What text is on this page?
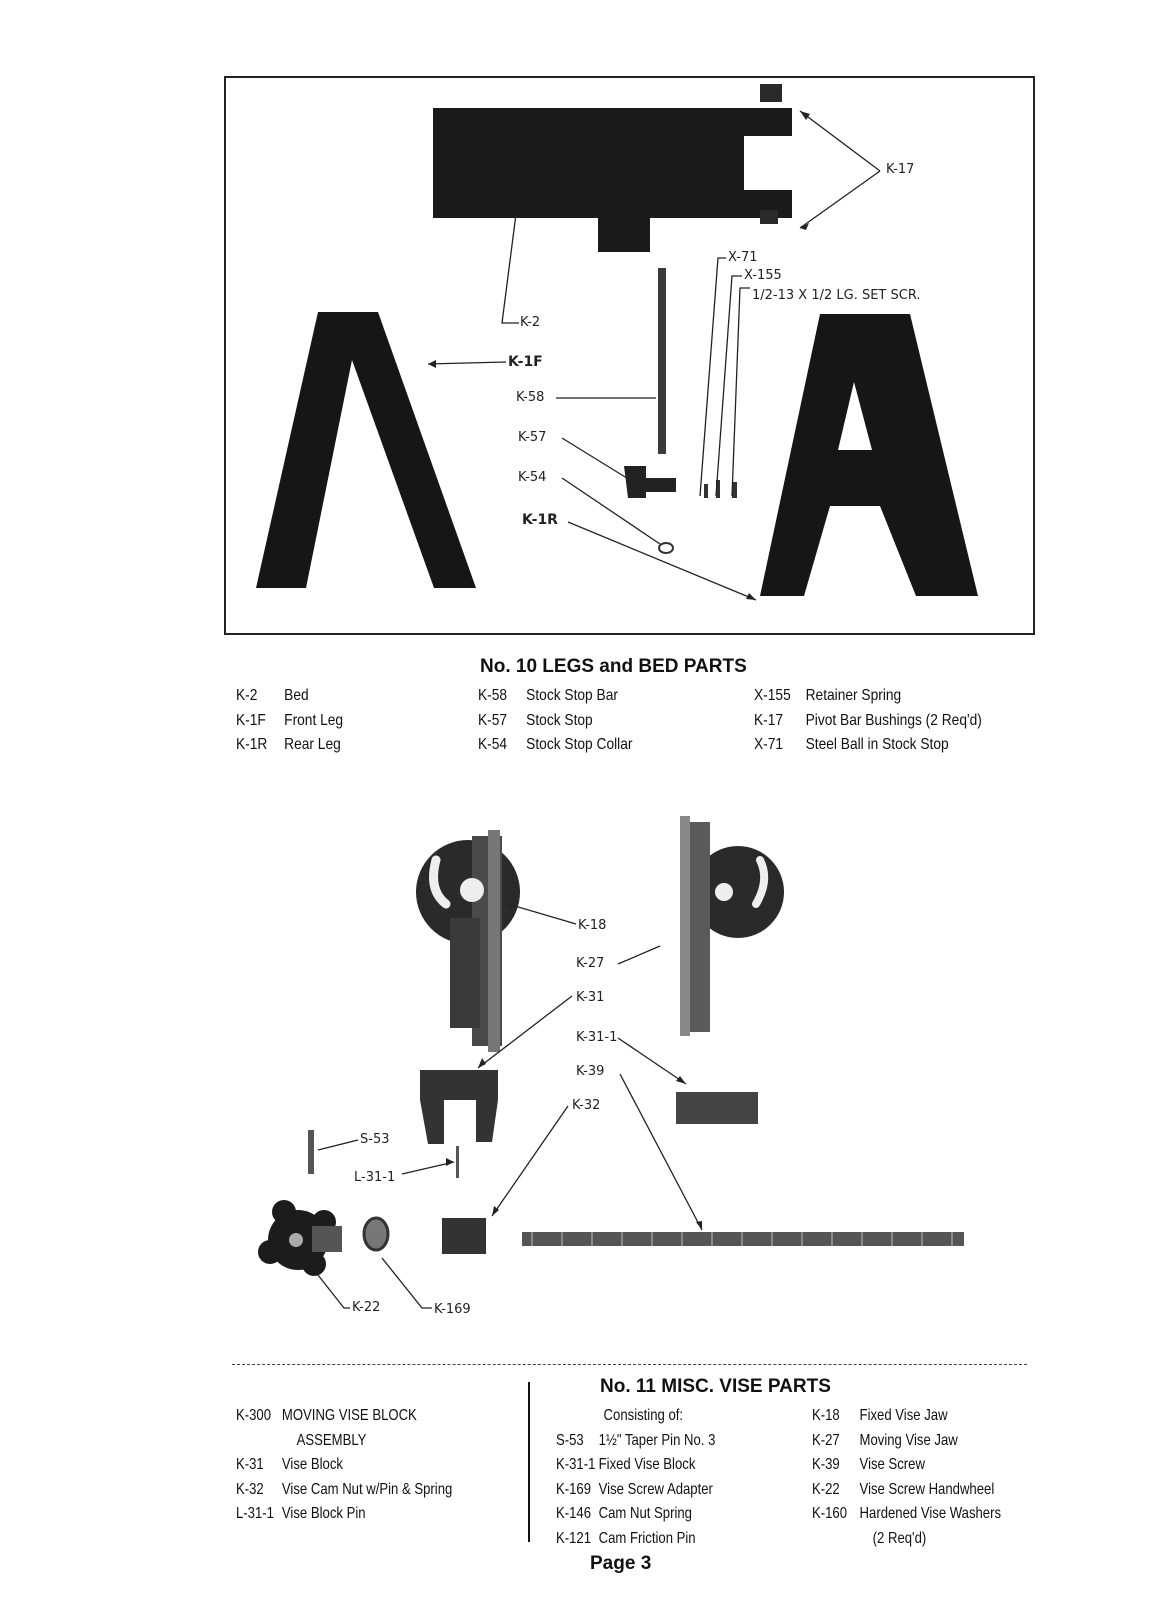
K-17
X-71
X-155
1/2-13 X 1/2 LG. SET SCR.
K-2
K-1F
K-58
K-57
K-54
K-1R
No. 10 LEGS and BED PARTS
K-2 Bed
K-1F Front Leg
K-1R Rear Leg
K-58 Stock Stop Bar
K-57 Stock Stop
K-54 Stock Stop Collar
X-155 Retainer Spring
K-17 Pivot Bar Bushings (2 Req'd)
X-71 Steel Ball in Stock Stop
K-18
K-27
K-31
K-31-1
K-39
K-32
S-53
L-31-1
K-22	K-169
No. 11 MISC. VISE PARTS
K-300 MOVING VISE BLOCK
ASSEMBLY
K-31 Vise Block
K-32 Vise Cam Nut w/Pin & Spring
L-31-1 Vise Block Pin
Consisting of:
S-53 1½" Taper Pin No. 3
K-31-1 Fixed Vise Block
K-169 Vise Screw Adapter
K-146 Cam Nut Spring
K-121 Cam Friction Pin
K-18 Fixed Vise Jaw
K-27 Moving Vise Jaw
K-39 Vise Screw
K-22 Vise Screw Handwheel
K-160 Hardened Vise Washers
(2 Req'd)
Page 3
